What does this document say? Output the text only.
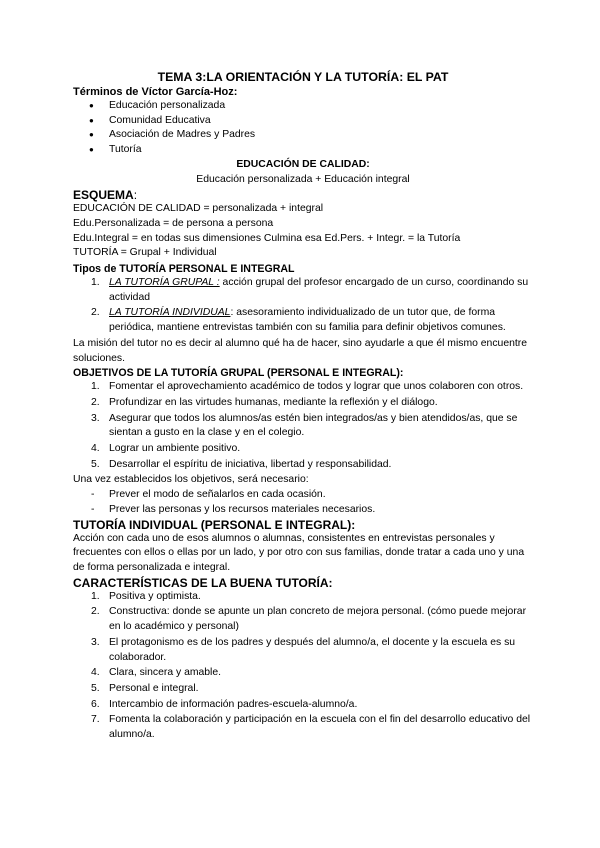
TEMA 3:LA ORIENTACIÓN Y LA TUTORÍA: EL PAT

Términos de Víctor García-Hoz:

● Educación personalizada
● Comunidad Educativa
● Asociación de Madres y Padres
● Tutoría

EDUCACIÓN DE CALIDAD:

Educación personalizada + Educación integral

ESQUEMA:

EDUCACIÓN DE CALIDAD = personalizada + integral

Edu.Personalizada = de persona a persona

Edu.Integral = en todas sus dimensiones Culmina esa Ed.Pers. + Integr. = la Tutoría

TUTORÍA = Grupal + Individual

Tipos de TUTORÍA PERSONAL E INTEGRAL

1. LA TUTORÍA GRUPAL : acción grupal del profesor encargado de un curso, coordinando su actividad
2. LA TUTORÍA INDIVIDUAL: asesoramiento individualizado de un tutor que, de forma periódica, mantiene entrevistas también con su familia para definir objetivos comunes.

La misión del tutor no es decir al alumno qué ha de hacer, sino ayudarle a que él mismo encuentre soluciones.

OBJETIVOS DE LA TUTORÍA GRUPAL (PERSONAL E INTEGRAL):

1. Fomentar el aprovechamiento académico de todos y lograr que unos colaboren con otros.
2. Profundizar en las virtudes humanas, mediante la reflexión y el diálogo.
3. Asegurar que todos los alumnos/as estén bien integrados/as y bien atendidos/as, que se sientan a gusto en la clase y en el colegio.
4. Lograr un ambiente positivo.
5. Desarrollar el espíritu de iniciativa, libertad y responsabilidad.

Una vez establecidos los objetivos, será necesario:

- Prever el modo de señalarlos en cada ocasión.
- Prever las personas y los recursos materiales necesarios.

TUTORÍA INDIVIDUAL (PERSONAL E INTEGRAL):

Acción con cada uno de esos alumnos o alumnas, consistentes en entrevistas personales y frecuentes con ellos o ellas por un lado, y por otro con sus familias, donde tratar a cada uno y una de forma personalizada e integral.

CARACTERÍSTICAS DE LA BUENA TUTORÍA:

1. Positiva y optimista.
2. Constructiva: donde se apunte un plan concreto de mejora personal. (cómo puede mejorar en lo académico y personal)
3. El protagonismo es de los padres y después del alumno/a, el docente y la escuela es su colaborador.
4. Clara, sincera y amable.
5. Personal e integral.
6. Intercambio de información padres-escuela-alumno/a.
7. Fomenta la colaboración y participación en la escuela con el fin del desarrollo educativo del alumno/a.
